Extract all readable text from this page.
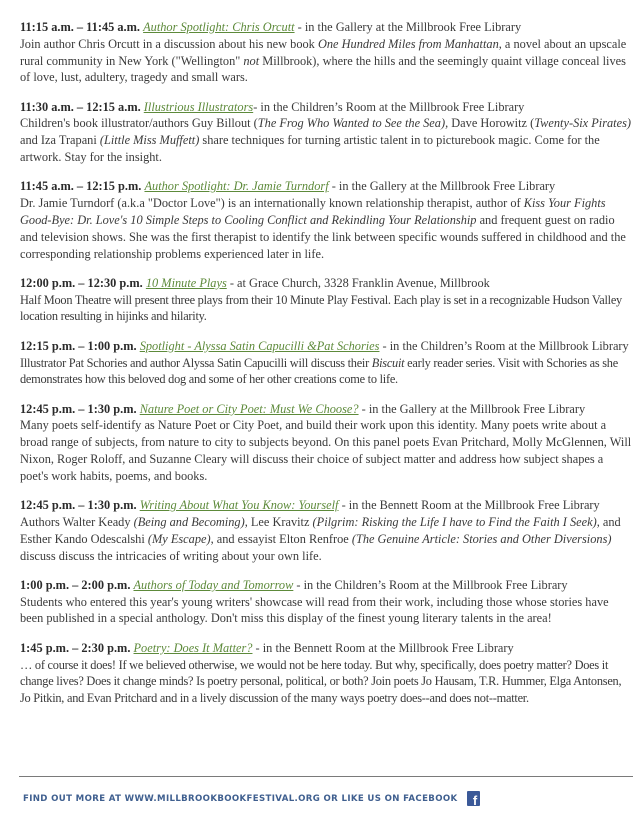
11:15 a.m. – 11:45 a.m. Author Spotlight: Chris Orcutt - in the Gallery at the Millbrook Free Library
Join author Chris Orcutt in a discussion about his new book One Hundred Miles from Manhattan, a novel about an upscale rural community in New York ("Wellington" not Millbrook), where the hills and the seemingly quaint village conceal lives of love, lust, adultery, tragedy and small wars.
11:30 a.m. – 12:15 a.m. Illustrious Illustrators- in the Children’s Room at the Millbrook Free Library
Children's book illustrator/authors Guy Billout (The Frog Who Wanted to See the Sea), Dave Horowitz (Twenty-Six Pirates) and Iza Trapani (Little Miss Muffett) share techniques for turning artistic talent in to picturebook magic. Come for the artwork. Stay for the insight.
11:45 a.m. – 12:15 p.m. Author Spotlight: Dr. Jamie Turndorf - in the Gallery at the Millbrook Free Library
Dr. Jamie Turndorf (a.k.a "Doctor Love") is an internationally known relationship therapist, author of Kiss Your Fights Good-Bye: Dr. Love's 10 Simple Steps to Cooling Conflict and Rekindling Your Relationship and frequent guest on radio and television shows. She was the first therapist to identify the link between specific wounds suffered in childhood and the corresponding relationship problems experienced later in life.
12:00 p.m. – 12:30 p.m. 10 Minute Plays - at Grace Church, 3328 Franklin Avenue, Millbrook
Half Moon Theatre will present three plays from their 10 Minute Play Festival. Each play is set in a recognizable Hudson Valley location resulting in hijinks and hilarity.
12:15 p.m. – 1:00 p.m. Spotlight - Alyssa Satin Capucilli &Pat Schories - in the Children’s Room at the Millbrook Library
Illustrator Pat Schories and author Alyssa Satin Capucilli will discuss their Biscuit early reader series. Visit with Schories as she demonstrates how this beloved dog and some of her other creations come to life.
12:45 p.m. – 1:30 p.m. Nature Poet or City Poet: Must We Choose? - in the Gallery at the Millbrook Free Library
Many poets self-identify as Nature Poet or City Poet, and build their work upon this identity. Many poets write about a broad range of subjects, from nature to city to subjects beyond. On this panel poets Evan Pritchard, Molly McGlennen, Will Nixon, Roger Roloff, and Suzanne Cleary will discuss their choice of subject matter and address how subject shapes a poet's work habits, poems, and books.
12:45 p.m. – 1:30 p.m. Writing About What You Know: Yourself - in the Bennett Room at the Millbrook Free Library
Authors Walter Keady (Being and Becoming), Lee Kravitz (Pilgrim: Risking the Life I have to Find the Faith I Seek), and Esther Kando Odescalshi (My Escape), and essayist Elton Renfroe (The Genuine Article: Stories and Other Diversions) discuss discuss the intricacies of writing about your own life.
1:00 p.m. – 2:00 p.m. Authors of Today and Tomorrow - in the Children’s Room at the Millbrook Free Library
Students who entered this year's young writers' showcase will read from their work, including those whose stories have been published in a special anthology. Don't miss this display of the finest young literary talents in the area!
1:45 p.m. – 2:30 p.m. Poetry: Does It Matter? - in the Bennett Room at the Millbrook Free Library
… of course it does! If we believed otherwise, we would not be here today. But why, specifically, does poetry matter? Does it change lives? Does it change minds? Is poetry personal, political, or both? Join poets Jo Hausam, T.R. Hummer, Elga Antonsen, Jo Pitkin, and Evan Pritchard and in a lively discussion of the many ways poetry does--and does not--matter.
FIND OUT MORE AT WWW.MILLBROOKBOOKFESTIVAL.ORG OR LIKE US ON FACEBOOK f
